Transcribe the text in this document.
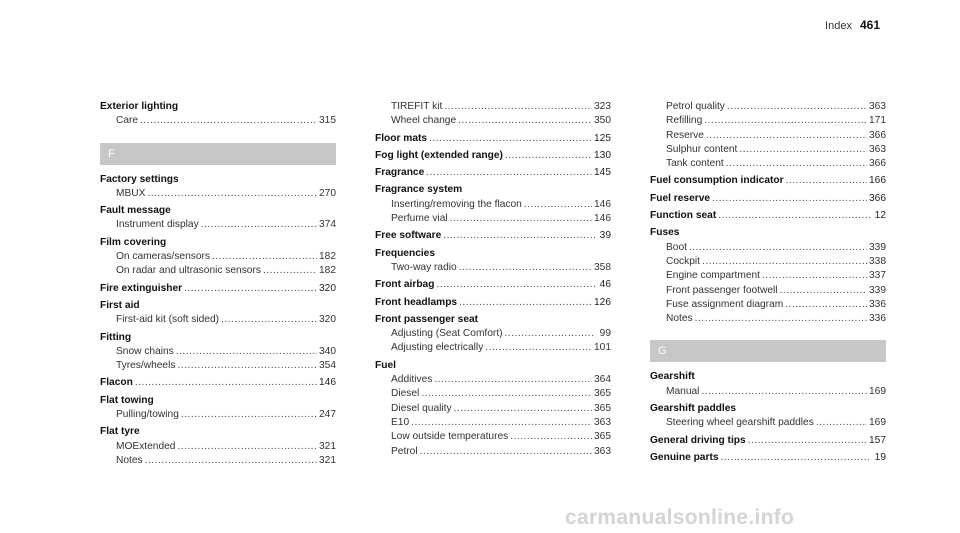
Index 461
Exterior lighting
Care .....	315
F
Factory settings
MBUX .....	270
Fault message
Instrument display .....	374
Film covering
On cameras/sensors .....	182
On radar and ultrasonic sensors .....	182
Fire extinguisher .....	320
First aid
First-aid kit (soft sided) .....	320
Fitting
Snow chains .....	340
Tyres/wheels .....	354
Flacon .....	146
Flat towing
Pulling/towing .....	247
Flat tyre
MOExtended .....	321
Notes .....	321
TIREFIT kit .....	323
Wheel change .....	350
Floor mats .....	125
Fog light (extended range) .....	130
Fragrance .....	145
Fragrance system
Inserting/removing the flacon .....	146
Perfume vial .....	146
Free software .....	39
Frequencies
Two-way radio .....	358
Front airbag .....	46
Front headlamps .....	126
Front passenger seat
Adjusting (Seat Comfort) .....	99
Adjusting electrically .....	101
Fuel
Additives .....	364
Diesel .....	365
Diesel quality .....	365
E10 .....	363
Low outside temperatures .....	365
Petrol .....	363
Petrol quality .....	363
Refilling .....	171
Reserve .....	366
Sulphur content .....	363
Tank content .....	366
Fuel consumption indicator .....	166
Fuel reserve .....	366
Function seat .....	12
Fuses
Boot .....	339
Cockpit .....	338
Engine compartment .....	337
Front passenger footwell .....	339
Fuse assignment diagram .....	336
Notes .....	336
G
Gearshift
Manual .....	169
Gearshift paddles
Steering wheel gearshift paddles .....	169
General driving tips .....	157
Genuine parts .....	19
carmanualsonline.info
